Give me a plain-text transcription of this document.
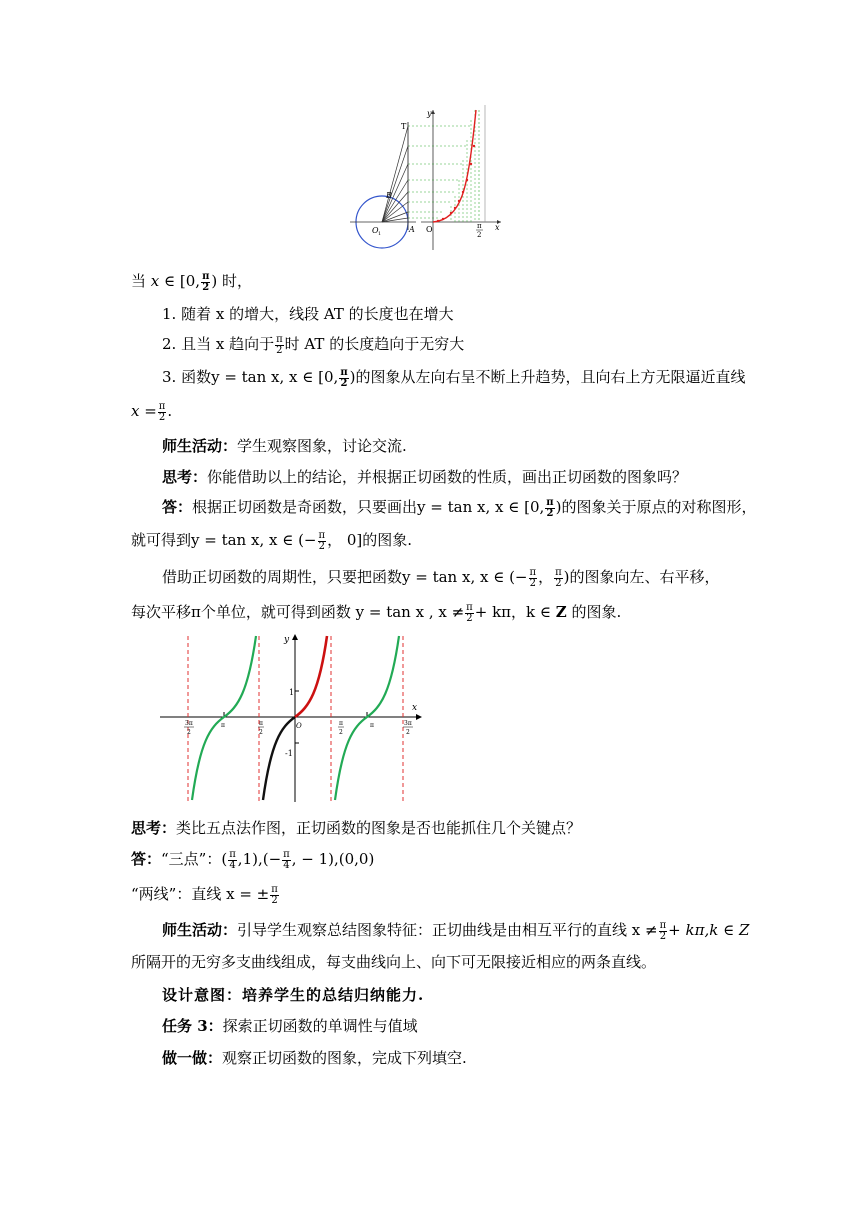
T
B
O 1	A O	x
y
π
2
当 x ∈ [0, $\frac{\pi}{2}$ ) 时，
1. 随着 x 的增大，线段 AT 的长度也在增大
2. 且当 x 趋向于 $\frac{\pi}{2}$ 时 AT 的长度趋向于无穷大
3. 函数y = tan x, x ∈ [0, $\frac{\pi}{2}$ )的图象从左向右呈不断上升趋势，且向右上方无限逼近直线
$x = \frac{\pi}{2}$ .
师生活动：学生观察图象，讨论交流.
思考：你能借助以上的结论，并根据正切函数的性质，画出正切函数的图象吗？
答：根据正切函数是奇函数，只要画出y = tan x, x ∈ [0, $\frac{\pi}{2}$ )的图象关于原点的对称图形，
就可得到y = tan x, x ∈ (− $\frac{\pi}{2}$ ， 0]的图象.
借助正切函数的周期性，只要把函数y = tan x, x ∈ (− $\frac{\pi}{2}$ ， $\frac{\pi}{2}$ )的图象向左、右平移，
每次平移π个单位，就可得到函数 y = tan x , $x \ne \frac{\pi}{2} + k\pi$，k ∈ Z 的图象.
y
x
1
-1
O
3π
2
π	π
2
π
2
π	3π
2
思考：类比五点法作图，正切函数的图象是否也能抓住几个关键点？
答：“三点”：( $\frac{\pi}{4} ,1),(- \frac{\pi}{4}$ , − 1),(0,0)
“两线”：直线 x = ± $\frac{\pi}{2}$
师生活动：引导学生观察总结图象特征：正切曲线是由相互平行的直线 $x \ne \frac{\pi}{2} + k\pi,k$ ∈ Z
所隔开的无穷多支曲线组成，每支曲线向上、向下可无限接近相应的两条直线。
设计意图：培养学生的总结归纳能力.
任务 3：探索正切函数的单调性与值域
做一做：观察正切函数的图象，完成下列填空.
